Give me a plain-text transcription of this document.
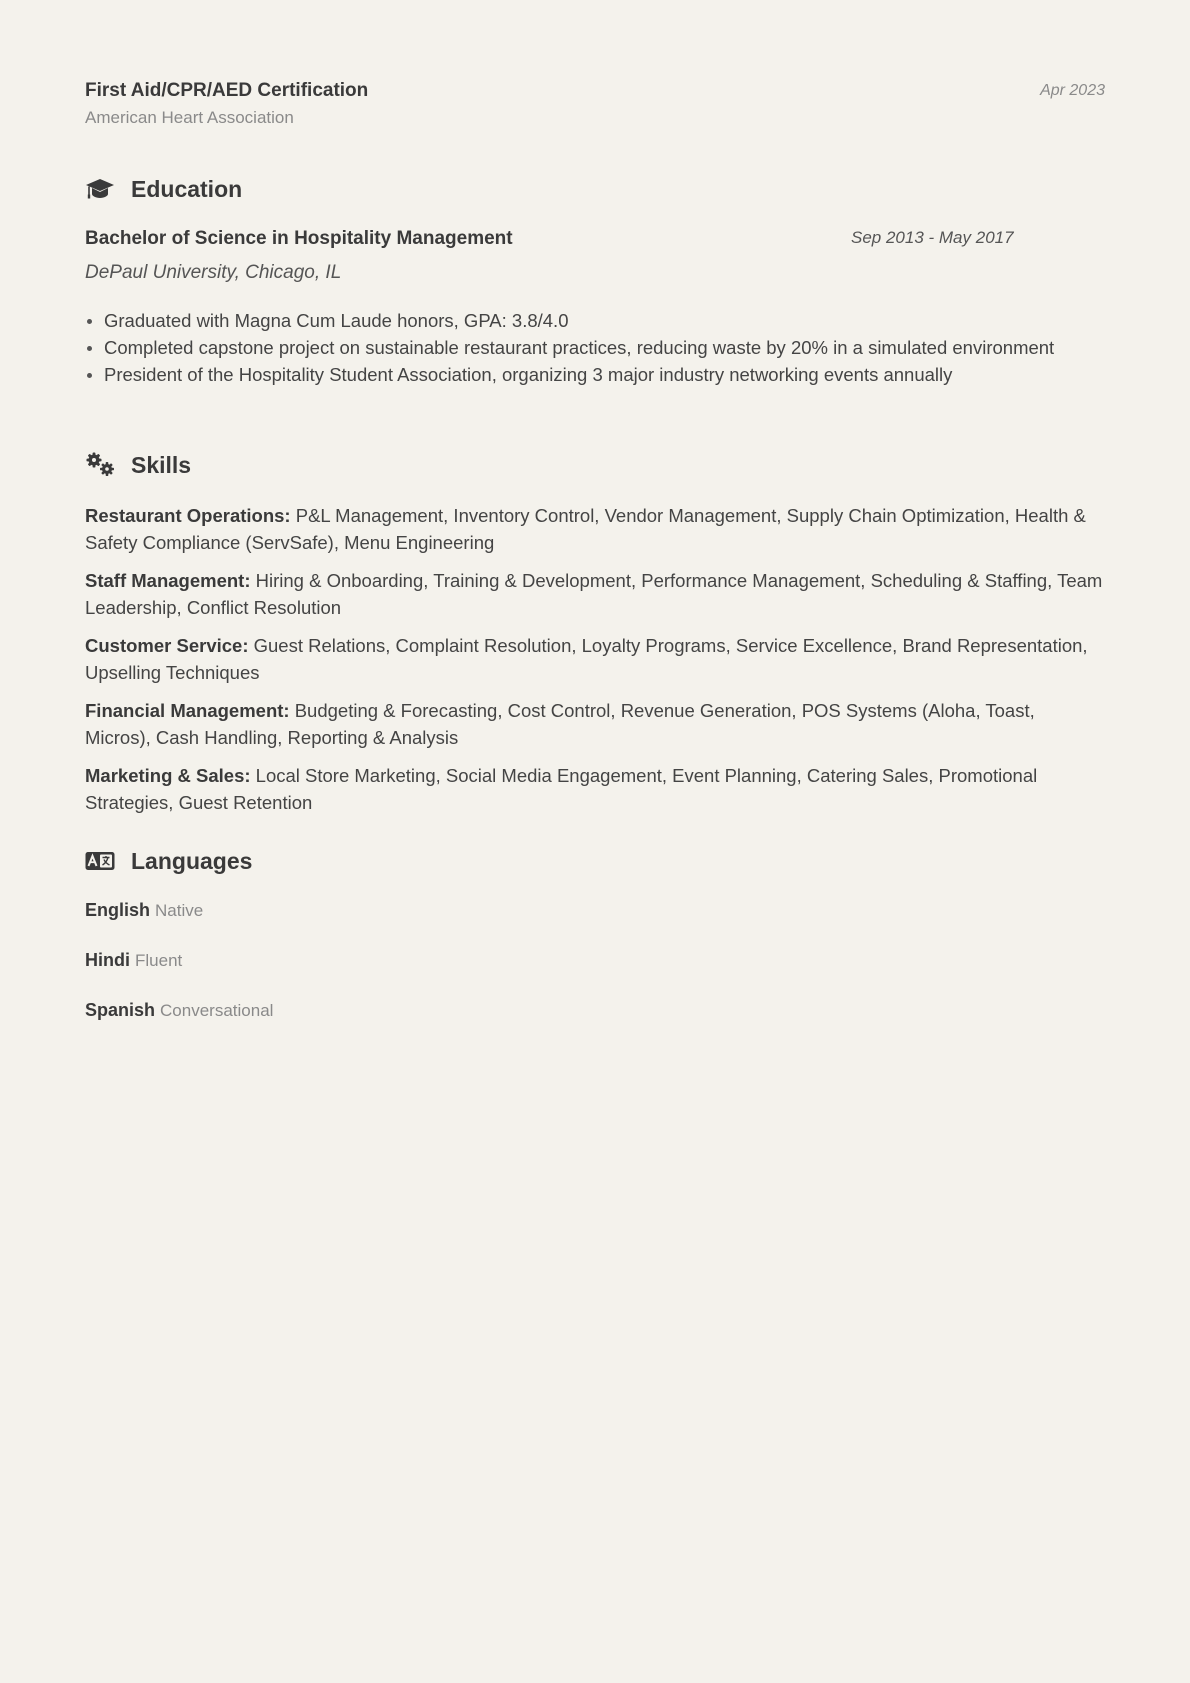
First Aid/CPR/AED Certification
American Heart Association
Apr 2023
Education
Bachelor of Science in Hospitality Management	Sep 2013 - May 2017
DePaul University, Chicago, IL
Graduated with Magna Cum Laude honors, GPA: 3.8/4.0
Completed capstone project on sustainable restaurant practices, reducing waste by 20% in a simulated environment
President of the Hospitality Student Association, organizing 3 major industry networking events annually
Skills
Restaurant Operations: P&L Management, Inventory Control, Vendor Management, Supply Chain Optimization, Health & Safety Compliance (ServSafe), Menu Engineering
Staff Management: Hiring & Onboarding, Training & Development, Performance Management, Scheduling & Staffing, Team Leadership, Conflict Resolution
Customer Service: Guest Relations, Complaint Resolution, Loyalty Programs, Service Excellence, Brand Representation, Upselling Techniques
Financial Management: Budgeting & Forecasting, Cost Control, Revenue Generation, POS Systems (Aloha, Toast, Micros), Cash Handling, Reporting & Analysis
Marketing & Sales: Local Store Marketing, Social Media Engagement, Event Planning, Catering Sales, Promotional Strategies, Guest Retention
Languages
English Native
Hindi Fluent
Spanish Conversational
